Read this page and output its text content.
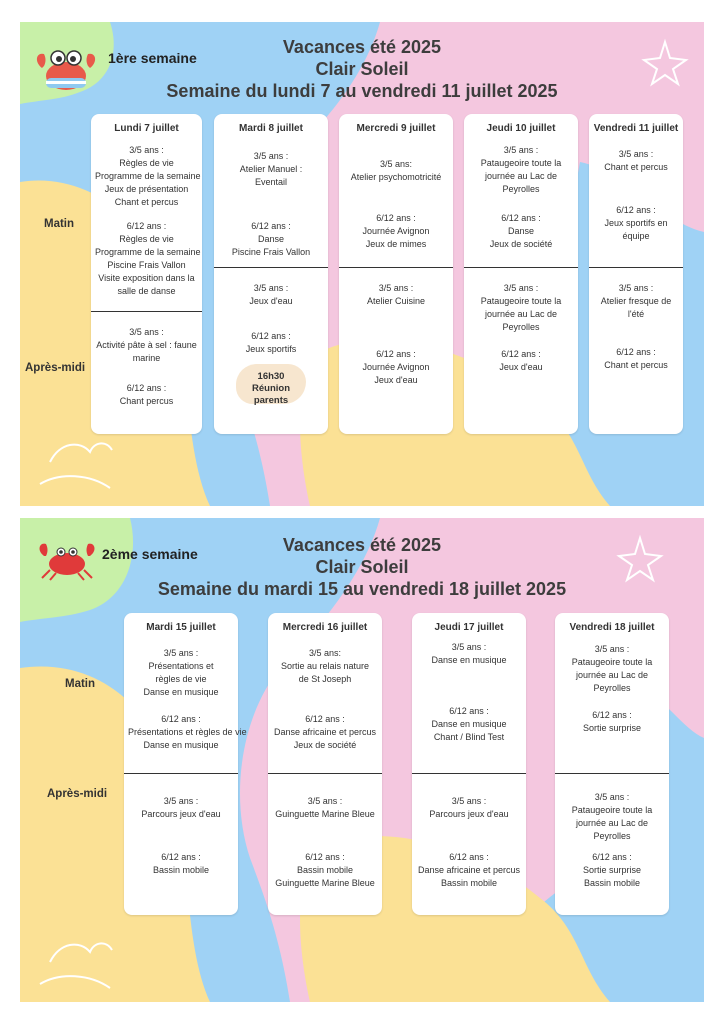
1ère semaine
Vacances été 2025
Clair Soleil
Semaine du lundi 7 au vendredi 11 juillet 2025
Matin
Après-midi
Lundi 7 juillet
3/5 ans :
Règles de vie
Programme de la semaine
Jeux de présentation
Chant et percus
6/12 ans :
Règles de vie
Programme de la semaine
Piscine Frais Vallon
Visite exposition dans la
salle de danse
3/5 ans :
Activité pâte à sel : faune
marine
6/12 ans :
Chant percus
Mardi 8 juillet
3/5 ans :
Atelier Manuel :
Eventail
6/12 ans :
Danse
Piscine Frais Vallon
3/5 ans :
Jeux d'eau
6/12 ans :
Jeux sportifs
16h30
Réunion parents
Mercredi 9 juillet
3/5 ans:
Atelier psychomotricité
6/12 ans :
Journée Avignon
Jeux de mimes
3/5 ans :
Atelier Cuisine
6/12 ans :
Journée Avignon
Jeux d'eau
Jeudi 10 juillet
3/5 ans :
Pataugeoire toute la
journée au Lac de
Peyrolles
6/12 ans :
Danse
Jeux de société
3/5 ans :
Pataugeoire toute la
journée au Lac de
Peyrolles
6/12 ans :
Jeux d'eau
Vendredi 11 juillet
3/5 ans :
Chant et percus
6/12 ans :
Jeux sportifs en
équipe
3/5 ans :
Atelier fresque de
l'été
6/12 ans :
Chant et percus
2ème semaine	Vacances été 2025
Clair Soleil
Semaine du mardi 15 au vendredi 18 juillet 2025
Matin
Après-midi
Mardi 15 juillet
3/5 ans :
Présentations et
règles de vie
Danse en musique
6/12 ans :
Présentations et règles de vie
Danse en musique
3/5 ans :
Parcours jeux d'eau
6/12 ans :
Bassin mobile
Mercredi 16 juillet
3/5 ans:
Sortie au relais nature
de St Joseph
6/12 ans :
Danse africaine et percus
Jeux de société
3/5 ans :
Guinguette Marine Bleue
6/12 ans :
Bassin mobile
Guinguette Marine Bleue
Jeudi 17 juillet
3/5 ans :
Danse en musique
6/12 ans :
Danse en musique
Chant / Blind Test
3/5 ans :
Parcours jeux d'eau
6/12 ans :
Danse africaine et percus
Bassin mobile
Vendredi 18 juillet
3/5 ans :
Pataugeoire toute la
journée au Lac de
Peyrolles
6/12 ans :
Sortie surprise
3/5 ans :
Pataugeoire toute la
journée au Lac de
Peyrolles
6/12 ans :
Sortie surprise
Bassin mobile
